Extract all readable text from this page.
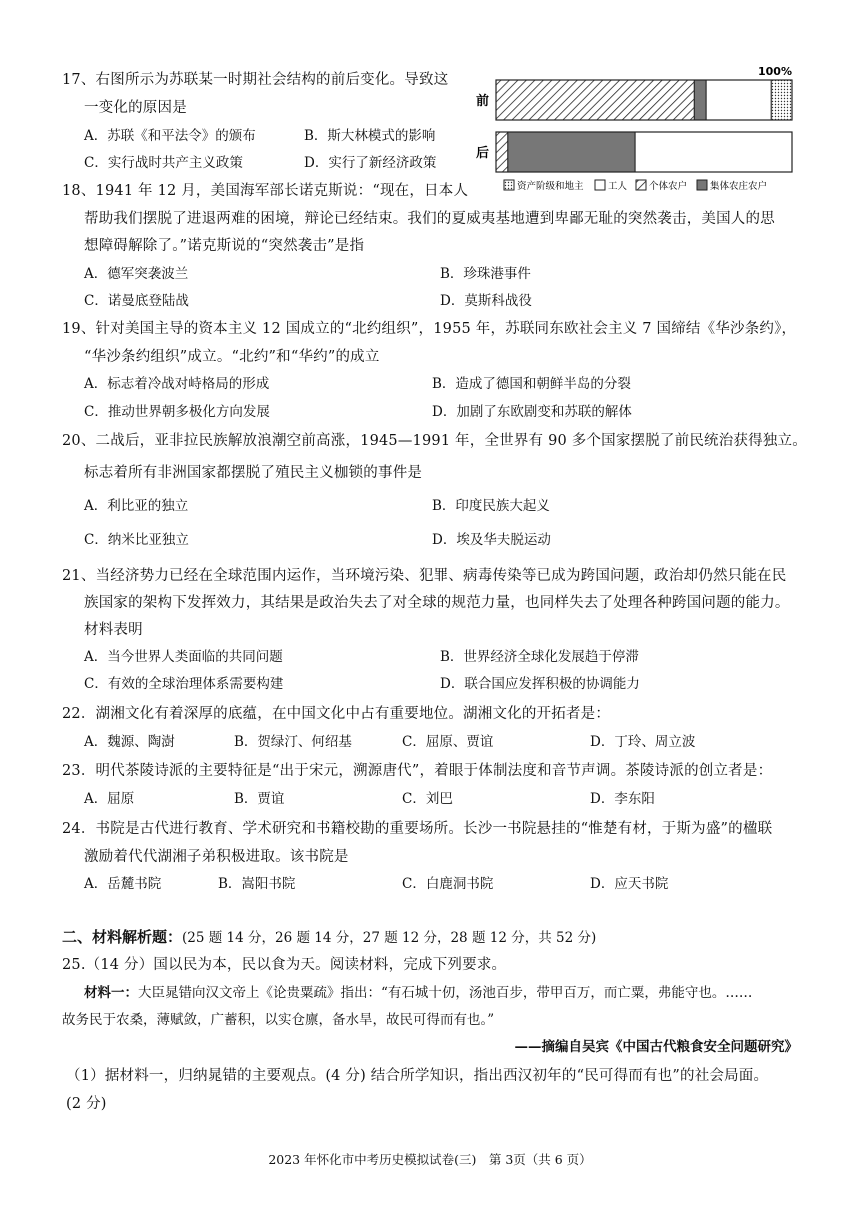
17、右图所示为苏联某一时期社会结构的前后变化。导致这
一变化的原因是
A．苏联《和平法令》的颁布	B．斯大林模式的影响
C．实行战时共产主义政策	D．实行了新经济政策
100%
前
后
资产阶级和地主	工人 个体农户 集体农庄农户
18、1941 年 12 月，美国海军部长诺克斯说：“现在，日本人
帮助我们摆脱了进退两难的困境，辩论已经结束。我们的夏威夷基地遭到卑鄙无耻的突然袭击，美国人的思
想障碍解除了。”诺克斯说的“突然袭击”是指
A．德军突袭波兰	B．珍珠港事件
C．诺曼底登陆战	D．莫斯科战役
19、针对美国主导的资本主义 12 国成立的“北约组织”，1955 年，苏联同东欧社会主义 7 国缔结《华沙条约》，
“华沙条约组织”成立。“北约”和“华约”的成立
A．标志着冷战对峙格局的形成	B．造成了德国和朝鲜半岛的分裂
C．推动世界朝多极化方向发展	D．加剧了东欧剧变和苏联的解体
20、二战后，亚非拉民族解放浪潮空前高涨，1945—1991 年，全世界有 90 多个国家摆脱了前民统治获得独立。
标志着所有非洲国家都摆脱了殖民主义枷锁的事件是
A．利比亚的独立	B．印度民族大起义
C．纳米比亚独立	D．埃及华夫脱运动
21、当经济势力已经在全球范围内运作，当环境污染、犯罪、病毒传染等已成为跨国问题，政治却仍然只能在民
族国家的架构下发挥效力，其结果是政治失去了对全球的规范力量，也同样失去了处理各种跨国问题的能力。
材料表明
A．当今世界人类面临的共同问题	B．世界经济全球化发展趋于停滞
C．有效的全球治理体系需要构建	D．联合国应发挥积极的协调能力
22．湖湘文化有着深厚的底蕴，在中国文化中占有重要地位。湖湘文化的开拓者是：
A．魏源、陶澍	B．贺绿汀、何绍基	C．屈原、贾谊	D．丁玲、周立波
23．明代茶陵诗派的主要特征是“出于宋元，溯源唐代”，着眼于体制法度和音节声调。茶陵诗派的创立者是：
A．屈原	B．贾谊	C．刘巴	D．李东阳
24．书院是古代进行教育、学术研究和书籍校勘的重要场所。长沙一书院悬挂的“惟楚有材，于斯为盛”的楹联
激励着代代湖湘子弟积极进取。该书院是
A．岳麓书院	B．嵩阳书院	C．白鹿洞书院	D．应天书院
二、材料解析题：(25 题 14 分，26 题 14 分，27 题 12 分，28 题 12 分，共 52 分)
25.（14 分）国以民为本，民以食为天。阅读材料，完成下列要求。
材料一：大臣晁错向汉文帝上《论贵粟疏》指出：“有石城十仞，汤池百步，带甲百万，而亡粟，弗能守也。……
故务民于农桑，薄赋敛，广蓄积，以实仓廪，备水旱，故民可得而有也。”
——摘编自吴宾《中国古代粮食安全问题研究》
（1）据材料一，归纳晁错的主要观点。(4 分) 结合所学知识，指出西汉初年的“民可得而有也”的社会局面。
(2 分)
2023 年怀化市中考历史模拟试卷(三)　第 3页（共 6 页）
